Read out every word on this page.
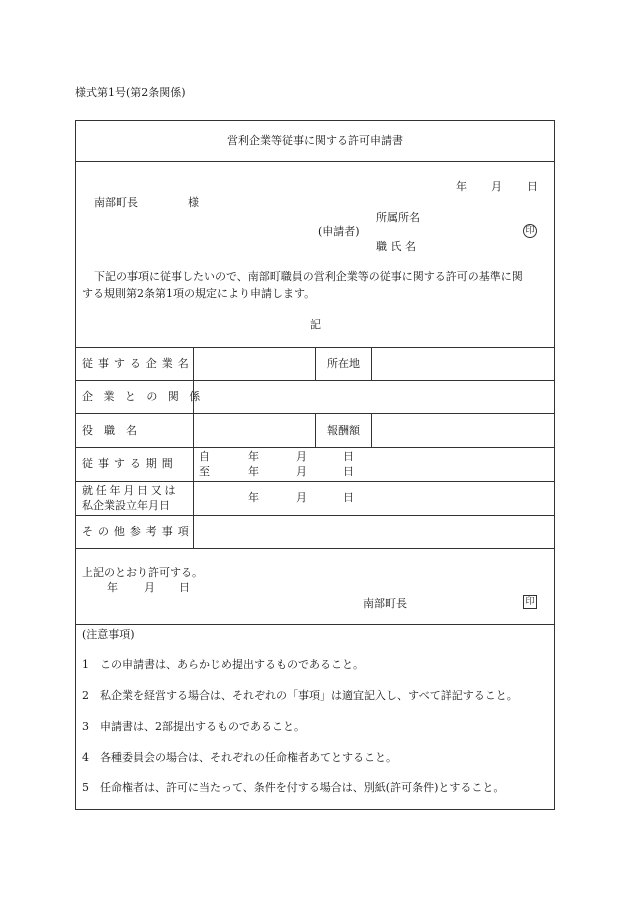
様式第1号(第2条関係)
営利企業等従事に関する許可申請書
年 月 日
南部町長	様
所属所名
(申請者)	印
職 氏 名
下記の事項に従事したいので、南部町職員の営利企業等の従事に関する許可の基準に関
する規則第2条第1項の規定により申請します。
記
従事する企業名	所在地
企業との関係
役　職　名	報酬額
従事する期間
自	年	月	日
至	年	月	日
就任年月日又は
私企業設立年月日
年	月	日
その他参考事項
上記のとおり許可する。
年 月 日
南部町長	印
(注意事項)
1　この申請書は、あらかじめ提出するものであること。
2　私企業を経営する場合は、それぞれの「事項」は適宜記入し、すべて詳記すること。
3　申請書は、2部提出するものであること。
4　各種委員会の場合は、それぞれの任命権者あてとすること。
5　任命権者は、許可に当たって、条件を付する場合は、別紙(許可条件)とすること。
